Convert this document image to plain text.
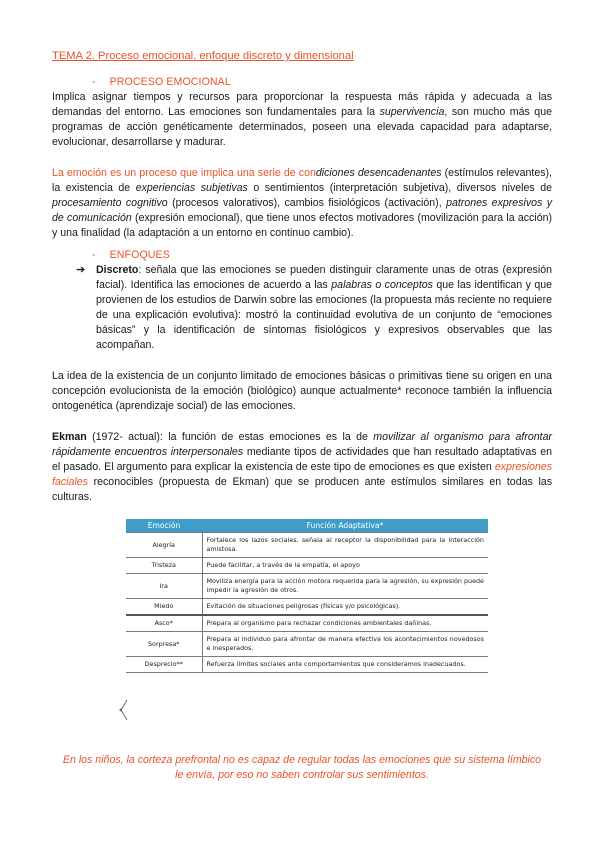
TEMA 2. Proceso emocional, enfoque discreto y dimensional
- PROCESO EMOCIONAL

Implica asignar tiempos y recursos para proporcionar la respuesta más rápida y adecuada a las demandas del entorno. Las emociones son fundamentales para la supervivencia, son mucho más que programas de acción genéticamente determinados, poseen una elevada capacidad para adaptarse, evolucionar, desarrollarse y madurar.

La emoción es un proceso que implica una serie de condiciones desencadenantes (estímulos relevantes), la existencia de experiencias subjetivas o sentimientos (interpretación subjetiva), diversos niveles de procesamiento cognitivo (procesos valorativos), cambios fisiológicos (activación), patrones expresivos y de comunicación (expresión emocional), que tiene unos efectos motivadores (movilización para la acción) y una finalidad (la adaptación a un entorno en continuo cambio).

- ENFOQUES
➔	Discreto: señala que las emociones se pueden distinguir claramente unas de otras (expresión facial). Identifica las emociones de acuerdo a las palabras o conceptos que las identifican y que provienen de los estudios de Darwin sobre las emociones (la propuesta más reciente no requiere de una explicación evolutiva): mostró la continuidad evolutiva de un conjunto de “emociones básicas” y la identificación de síntomas fisiológicos y expresivos observables que las acompañan.

La idea de la existencia de un conjunto limitado de emociones básicas o primitivas tiene su origen en una concepción evolucionista de la emoción (biológico) aunque actualmente* reconoce también la influencia ontogenética (aprendizaje social) de las emociones.

Ekman (1972- actual): la función de estas emociones es la de movilizar al organismo para afrontar rápidamente encuentros interpersonales mediante tipos de actividades que han resultado adaptativas en el pasado. El argumento para explicar la existencia de este tipo de emociones es que existen expresiones faciales reconocibles (propuesta de Ekman) que se producen ante estímulos similares en todas las culturas.

Emoción	Función Adaptativa*
Alegría	Fortalece los lazos sociales, señala al receptor la disponibilidad para la interacción amistosa.
Tristeza	Puede facilitar, a través de la empatía, el apoyo
Ira	Moviliza energía para la acción motora requerida para la agresión, su expresión puede impedir la agresión de otros.
Miedo	Evitación de situaciones peligrosas (físicas y/o psicológicas).
Asco*	Prepara al organismo para rechazar condiciones ambientales dañinas.
Sorpresa*	Prepara al individuo para afrontar de manera efectiva los acontecimientos novedosos e inesperados.
Desprecio**	Refuerza límites sociales ante comportamientos que consideramos inadecuados.
En los niños, la corteza prefrontal no es capaz de regular todas las emociones que su sistema límbico le envía, por eso no saben controlar sus sentimientos.
